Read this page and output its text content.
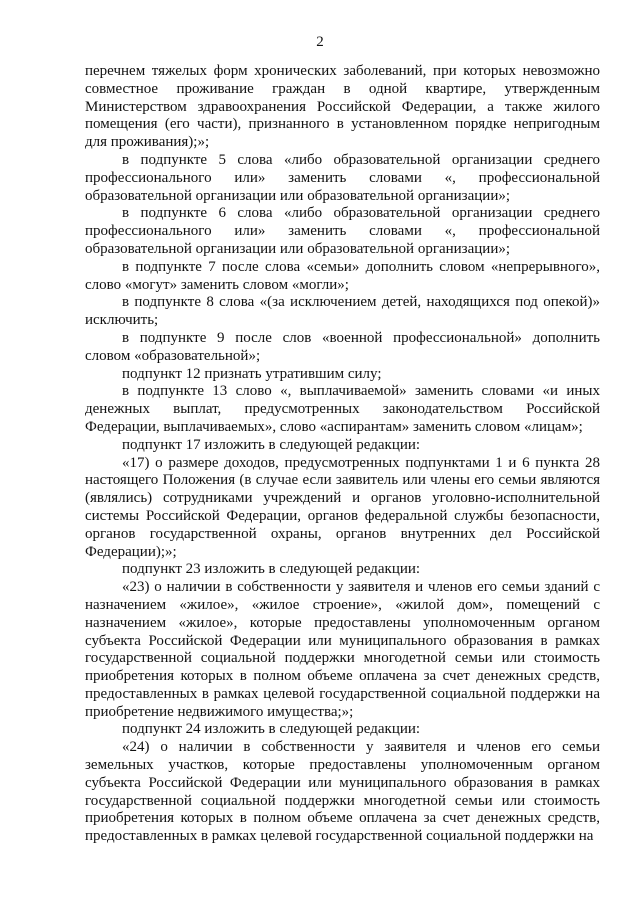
2

перечнем тяжелых форм хронических заболеваний, при которых невозможно совместное проживание граждан в одной квартире, утвержденным Министерством здравоохранения Российской Федерации, а также жилого помещения (его части), признанного в установленном порядке непригодным для проживания);»;

в подпункте 5 слова «либо образовательной организации среднего профессионального или» заменить словами «, профессиональной образовательной организации или образовательной организации»;

в подпункте 6 слова «либо образовательной организации среднего профессионального или» заменить словами «, профессиональной образовательной организации или образовательной организации»;

в подпункте 7 после слова «семьи» дополнить словом «непрерывного», слово «могут» заменить словом «могли»;

в подпункте 8 слова «(за исключением детей, находящихся под опекой)» исключить;

в подпункте 9 после слов «военной профессиональной» дополнить словом «образовательной»;

подпункт 12 признать утратившим силу;

в подпункте 13 слово «, выплачиваемой» заменить словами «и иных денежных выплат, предусмотренных законодательством Российской Федерации, выплачиваемых», слово «аспирантам» заменить словом «лицам»;

подпункт 17 изложить в следующей редакции:

«17) о размере доходов, предусмотренных подпунктами 1 и 6 пункта 28 настоящего Положения (в случае если заявитель или члены его семьи являются (являлись) сотрудниками учреждений и органов уголовно-исполнительной системы Российской Федерации, органов федеральной службы безопасности, органов государственной охраны, органов внутренних дел Российской Федерации);»;

подпункт 23 изложить в следующей редакции:

«23) о наличии в собственности у заявителя и членов его семьи зданий с назначением «жилое», «жилое строение», «жилой дом», помещений с назначением «жилое», которые предоставлены уполномоченным органом субъекта Российской Федерации или муниципального образования в рамках государственной социальной поддержки многодетной семьи или стоимость приобретения которых в полном объеме оплачена за счет денежных средств, предоставленных в рамках целевой государственной социальной поддержки на приобретение недвижимого имущества;»;

подпункт 24 изложить в следующей редакции:

«24) о наличии в собственности у заявителя и членов его семьи земельных участков, которые предоставлены уполномоченным органом субъекта Российской Федерации или муниципального образования в рамках государственной социальной поддержки многодетной семьи или стоимость приобретения которых в полном объеме оплачена за счет денежных средств, предоставленных в рамках целевой государственной социальной поддержки на
